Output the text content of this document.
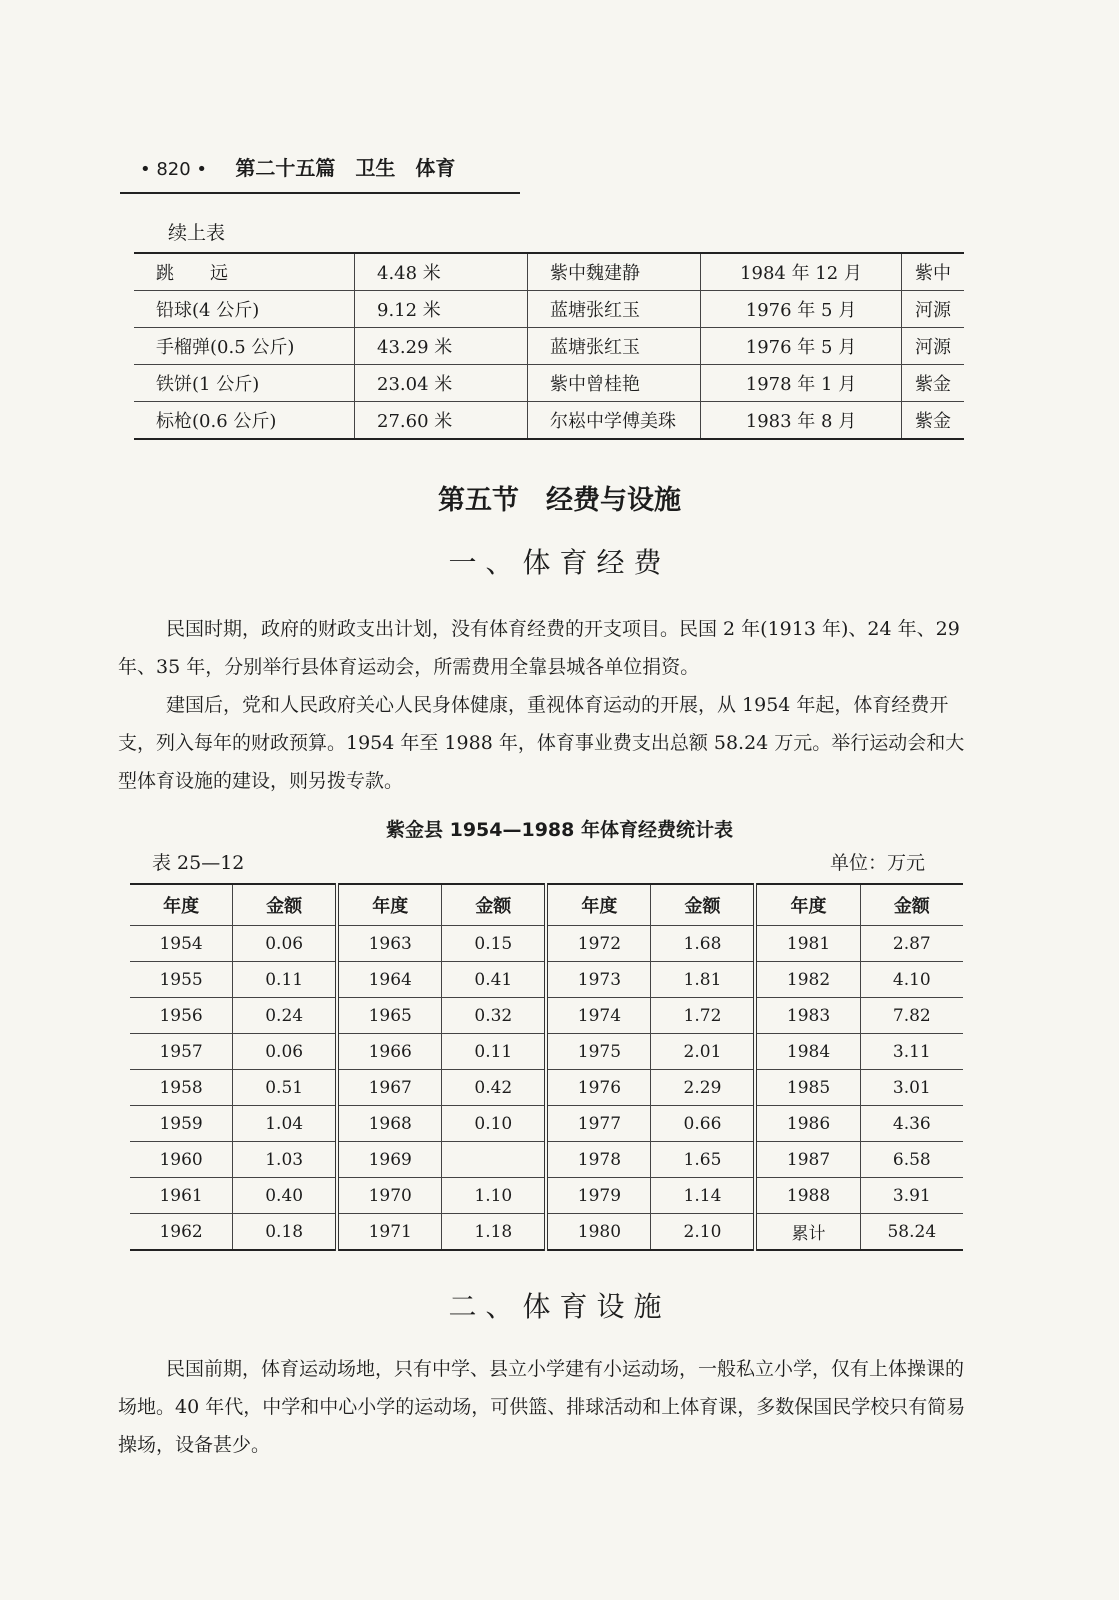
• 820 • 第二十五篇　卫生　体育
续上表
跳　　远	4.48 米	紫中魏建静	1984 年 12 月	紫中
铅球(4 公斤)	9.12 米	蓝塘张红玉	1976 年 5 月	河源
手榴弹(0.5 公斤)	43.29 米	蓝塘张红玉	1976 年 5 月	河源
铁饼(1 公斤)	23.04 米	紫中曾桂艳	1978 年 1 月	紫金
标枪(0.6 公斤)	27.60 米	尔崧中学傅美珠	1983 年 8 月	紫金
第五节　经费与设施
一、体育经费

民国时期，政府的财政支出计划，没有体育经费的开支项目。民国 2 年(1913 年)、24 年、29 年、35 年，分别举行县体育运动会，所需费用全靠县城各单位捐资。

建国后，党和人民政府关心人民身体健康，重视体育运动的开展，从 1954 年起，体育经费开支，列入每年的财政预算。1954 年至 1988 年，体育事业费支出总额 58.24 万元。举行运动会和大型体育设施的建设，则另拨专款。

紫金县 1954—1988 年体育经费统计表
表 25—12	单位：万元
年度	金额	年度	金额	年度	金额	年度	金额
1954	0.06	1963	0.15	1972	1.68	1981	2.87
1955	0.11	1964	0.41	1973	1.81	1982	4.10
1956	0.24	1965	0.32	1974	1.72	1983	7.82
1957	0.06	1966	0.11	1975	2.01	1984	3.11
1958	0.51	1967	0.42	1976	2.29	1985	3.01
1959	1.04	1968	0.10	1977	0.66	1986	4.36
1960	1.03	1969		1978	1.65	1987	6.58
1961	0.40	1970	1.10	1979	1.14	1988	3.91
1962	0.18	1971	1.18	1980	2.10	累计	58.24
二、体育设施

民国前期，体育运动场地，只有中学、县立小学建有小运动场，一般私立小学，仅有上体操课的场地。40 年代，中学和中心小学的运动场，可供篮、排球活动和上体育课，多数保国民学校只有简易操场，设备甚少。
